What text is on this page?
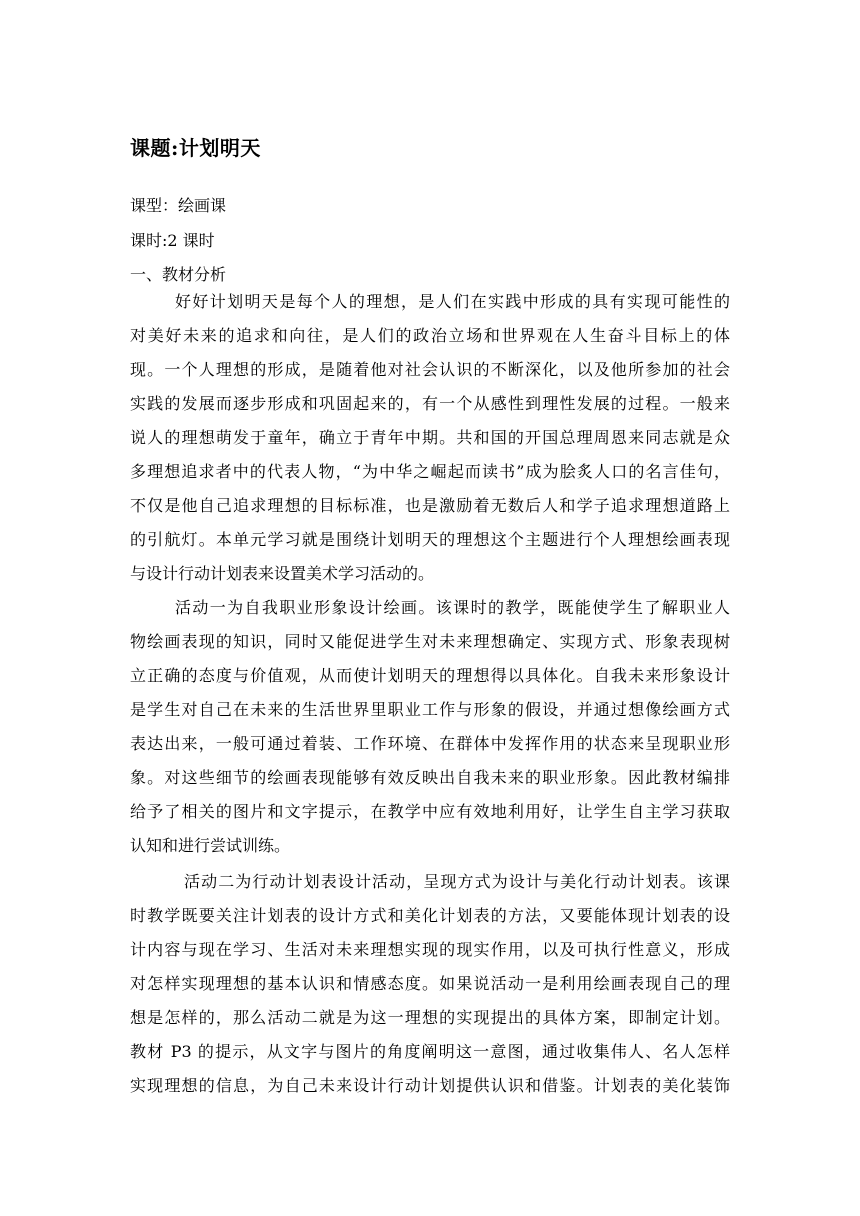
课题:计划明天
课型：绘画课
课时:2 课时
一、教材分析
好好计划明天是每个人的理想，是人们在实践中形成的具有实现可能性的
对美好未来的追求和向往，是人们的政治立场和世界观在人生奋斗目标上的体
现。一个人理想的形成，是随着他对社会认识的不断深化，以及他所参加的社会
实践的发展而逐步形成和巩固起来的，有一个从感性到理性发展的过程。一般来
说人的理想萌发于童年，确立于青年中期。共和国的开国总理周恩来同志就是众
多理想追求者中的代表人物，“为中华之崛起而读书”成为脍炙人口的名言佳句，
不仅是他自己追求理想的目标标准，也是激励着无数后人和学子追求理想道路上
的引航灯。本单元学习就是围绕计划明天的理想这个主题进行个人理想绘画表现
与设计行动计划表来设置美术学习活动的。
活动一为自我职业形象设计绘画。该课时的教学，既能使学生了解职业人
物绘画表现的知识，同时又能促进学生对未来理想确定、实现方式、形象表现树
立正确的态度与价值观，从而使计划明天的理想得以具体化。自我未来形象设计
是学生对自己在未来的生活世界里职业工作与形象的假设，并通过想像绘画方式
表达出来，一般可通过着装、工作环境、在群体中发挥作用的状态来呈现职业形
象。对这些细节的绘画表现能够有效反映出自我未来的职业形象。因此教材编排
给予了相关的图片和文字提示，在教学中应有效地利用好，让学生自主学习获取
认知和进行尝试训练。
活动二为行动计划表设计活动，呈现方式为设计与美化行动计划表。该课
时教学既要关注计划表的设计方式和美化计划表的方法，又要能体现计划表的设
计内容与现在学习、生活对未来理想实现的现实作用，以及可执行性意义，形成
对怎样实现理想的基本认识和情感态度。如果说活动一是利用绘画表现自己的理
想是怎样的，那么活动二就是为这一理想的实现提出的具体方案，即制定计划。
教材 P3 的提示，从文字与图片的角度阐明这一意图，通过收集伟人、名人怎样
实现理想的信息，为自己未来设计行动计划提供认识和借鉴。计划表的美化装饰
